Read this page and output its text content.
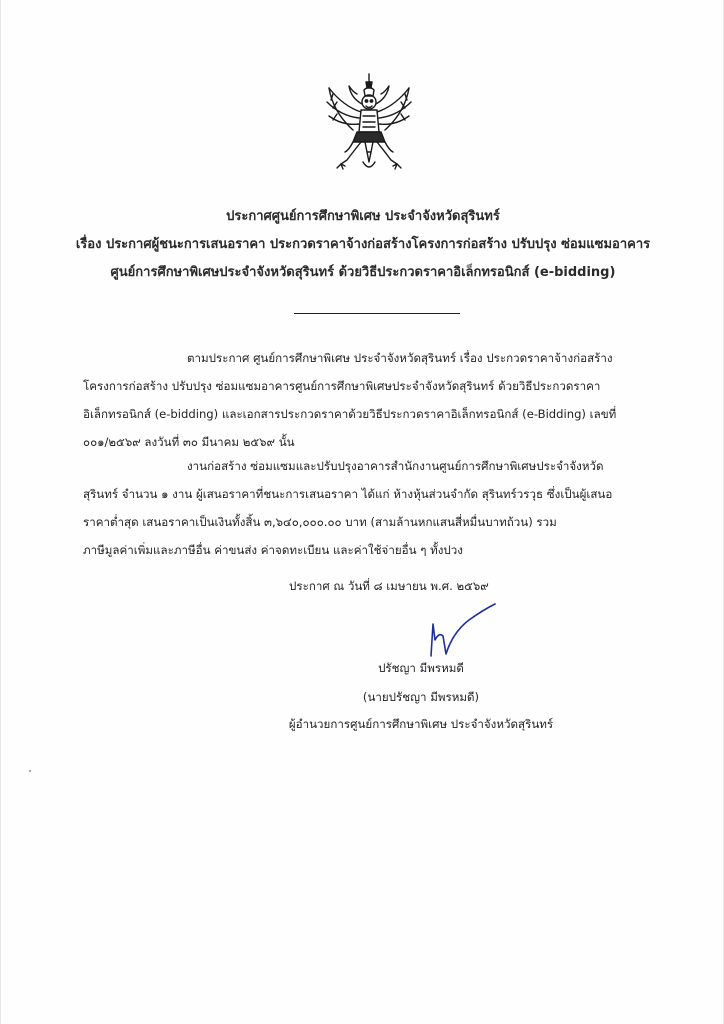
ประกาศศูนย์การศึกษาพิเศษ ประจำจังหวัดสุรินทร์
เรื่อง ประกาศผู้ชนะการเสนอราคา ประกวดราคาจ้างก่อสร้างโครงการก่อสร้าง ปรับปรุง ซ่อมแซมอาคาร
ศูนย์การศึกษาพิเศษประจำจังหวัดสุรินทร์ ด้วยวิธีประกวดราคาอิเล็กทรอนิกส์ (e-bidding)
ตามประกาศ ศูนย์การศึกษาพิเศษ ประจำจังหวัดสุรินทร์ เรื่อง ประกวดราคาจ้างก่อสร้าง
โครงการก่อสร้าง ปรับปรุง ซ่อมแซมอาคารศูนย์การศึกษาพิเศษประจำจังหวัดสุรินทร์ ด้วยวิธีประกวดราคา
อิเล็กทรอนิกส์ (e-bidding) และเอกสารประกวดราคาด้วยวิธีประกวดราคาอิเล็กทรอนิกส์ (e-Bidding) เลขที่
๐๐๑/๒๕๖๙ ลงวันที่ ๓๐ มีนาคม ๒๕๖๙ นั้น
งานก่อสร้าง ซ่อมแซมและปรับปรุงอาคารสำนักงานศูนย์การศึกษาพิเศษประจำจังหวัด
สุรินทร์ จำนวน ๑ งาน ผู้เสนอราคาที่ชนะการเสนอราคา ได้แก่ ห้างหุ้นส่วนจำกัด สุรินทร์วรวุธ ซึ่งเป็นผู้เสนอ
ราคาต่ำสุด เสนอราคาเป็นเงินทั้งสิ้น ๓,๖๔๐,๐๐๐.๐๐ บาท (สามล้านหกแสนสี่หมื่นบาทถ้วน) รวม
ภาษีมูลค่าเพิ่มและภาษีอื่น ค่าขนส่ง ค่าจดทะเบียน และค่าใช้จ่ายอื่น ๆ ทั้งปวง
ประกาศ ณ วันที่ ๘ เมษายน พ.ศ. ๒๕๖๙
ปรัชญา มีพรหมดี
(นายปรัชญา มีพรหมดี)
ผู้อำนวยการศูนย์การศึกษาพิเศษ ประจำจังหวัดสุรินทร์
